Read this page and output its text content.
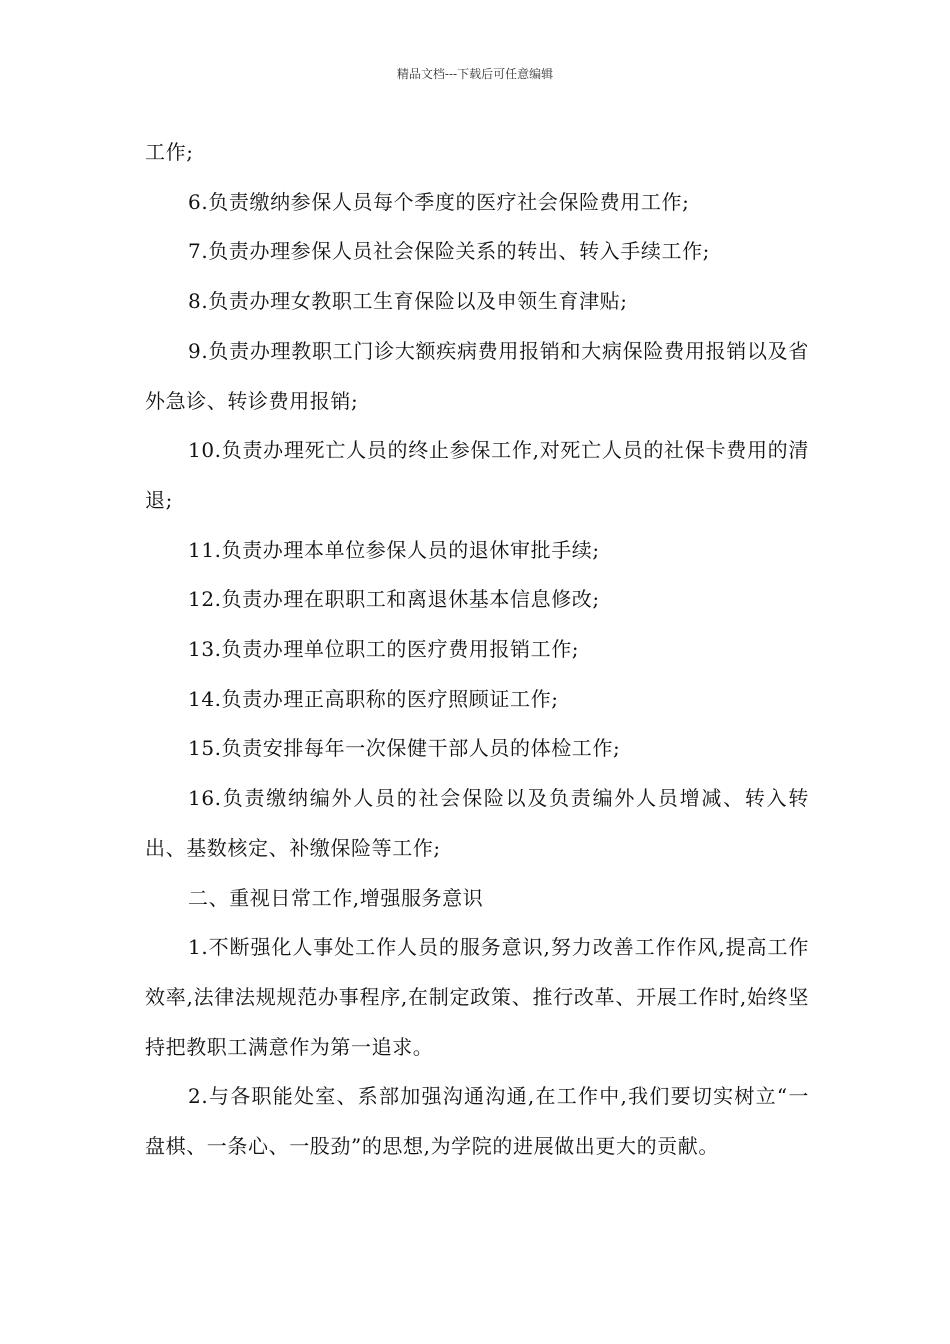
精品文档---下载后可任意编辑

工作;

6.负责缴纳参保人员每个季度的医疗社会保险费用工作;

7.负责办理参保人员社会保险关系的转出、转入手续工作;

8.负责办理女教职工生育保险以及申领生育津贴;

9.负责办理教职工门诊大额疾病费用报销和大病保险费用报销以及省外急诊、转诊费用报销;

10.负责办理死亡人员的终止参保工作,对死亡人员的社保卡费用的清退;

11.负责办理本单位参保人员的退休审批手续;

12.负责办理在职职工和离退休基本信息修改;

13.负责办理单位职工的医疗费用报销工作;

14.负责办理正高职称的医疗照顾证工作;

15.负责安排每年一次保健干部人员的体检工作;

16.负责缴纳编外人员的社会保险以及负责编外人员增减、转入转出、基数核定、补缴保险等工作;

二、重视日常工作,增强服务意识

1.不断强化人事处工作人员的服务意识,努力改善工作作风,提高工作效率,法律法规规范办事程序,在制定政策、推行改革、开展工作时,始终坚持把教职工满意作为第一追求。

2.与各职能处室、系部加强沟通沟通,在工作中,我们要切实树立“一盘棋、一条心、一股劲”的思想,为学院的进展做出更大的贡献。
